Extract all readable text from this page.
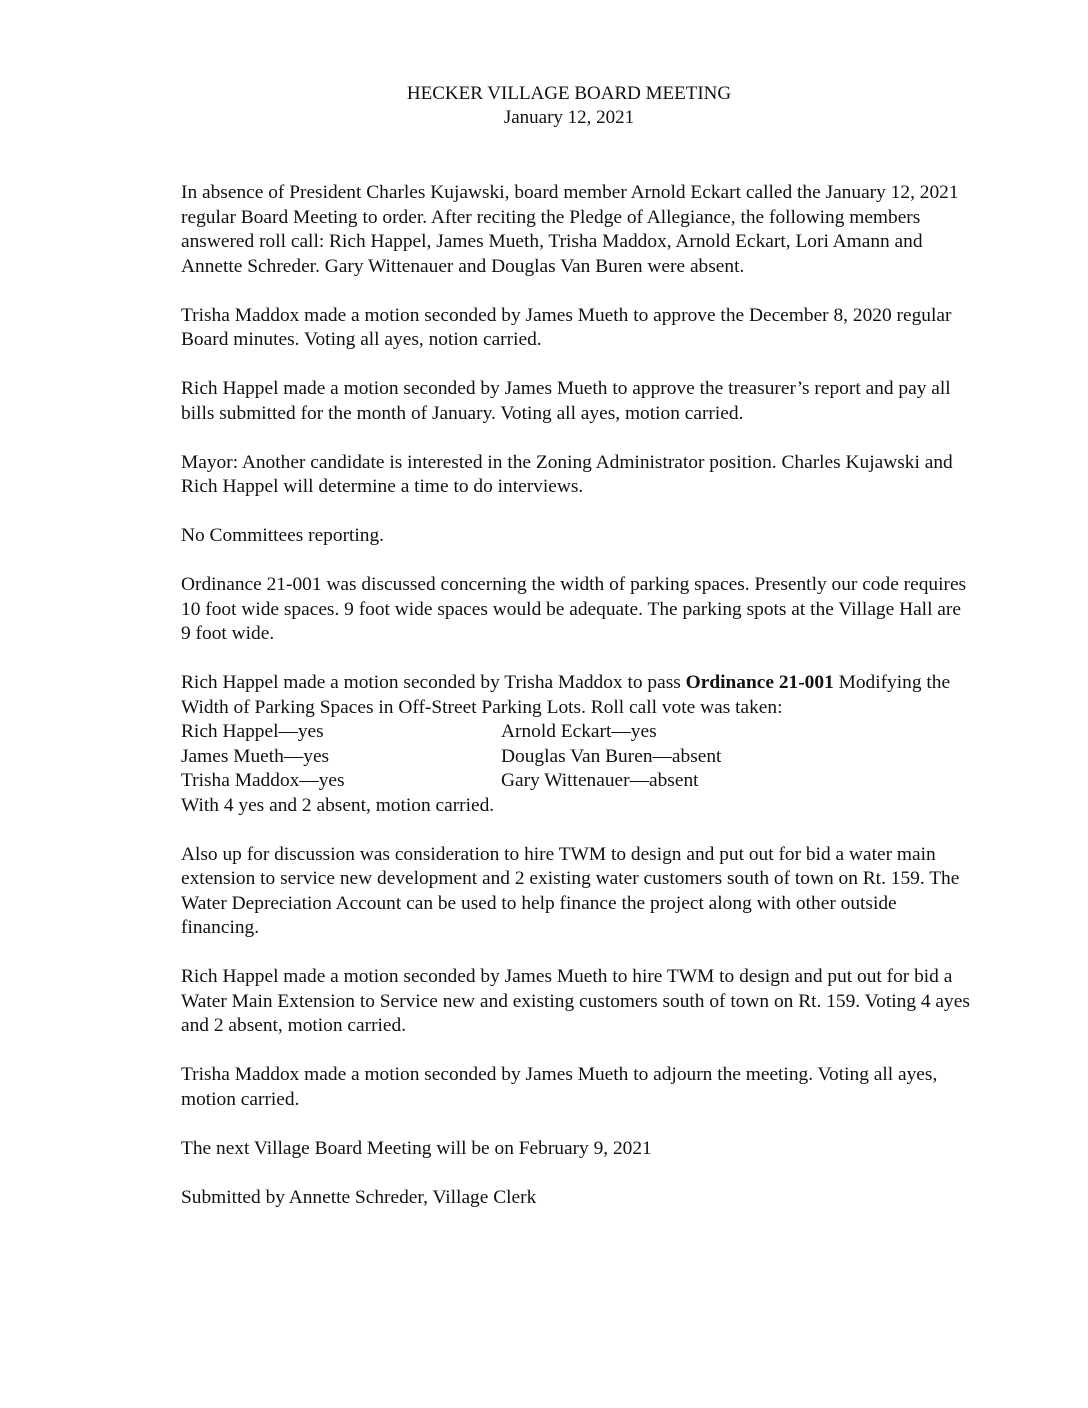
HECKER VILLAGE BOARD MEETING
January 12, 2021

In absence of President Charles Kujawski, board member Arnold Eckart called the January 12, 2021 regular Board Meeting to order. After reciting the Pledge of Allegiance, the following members answered roll call: Rich Happel, James Mueth, Trisha Maddox, Arnold Eckart, Lori Amann and Annette Schreder. Gary Wittenauer and Douglas Van Buren were absent.

Trisha Maddox made a motion seconded by James Mueth to approve the December 8, 2020 regular Board minutes. Voting all ayes, notion carried.

Rich Happel made a motion seconded by James Mueth to approve the treasurer’s report and pay all bills submitted for the month of January. Voting all ayes, motion carried.

Mayor: Another candidate is interested in the Zoning Administrator position. Charles Kujawski and Rich Happel will determine a time to do interviews.

No Committees reporting.

Ordinance 21-001 was discussed concerning the width of parking spaces. Presently our code requires 10 foot wide spaces. 9 foot wide spaces would be adequate. The parking spots at the Village Hall are 9 foot wide.

Rich Happel made a motion seconded by Trisha Maddox to pass Ordinance 21-001 Modifying the Width of Parking Spaces in Off-Street Parking Lots. Roll call vote was taken:
Rich Happel—yes	Arnold Eckart—yes
James Mueth—yes	Douglas Van Buren—absent
Trisha Maddox—yes	Gary Wittenauer—absent
With 4 yes and 2 absent, motion carried.

Also up for discussion was consideration to hire TWM to design and put out for bid a water main extension to service new development and 2 existing water customers south of town on Rt. 159. The Water Depreciation Account can be used to help finance the project along with other outside financing.

Rich Happel made a motion seconded by James Mueth to hire TWM to design and put out for bid a Water Main Extension to Service new and existing customers south of town on Rt. 159. Voting 4 ayes and 2 absent, motion carried.

Trisha Maddox made a motion seconded by James Mueth to adjourn the meeting. Voting all ayes, motion carried.

The next Village Board Meeting will be on February 9, 2021

Submitted by Annette Schreder, Village Clerk
